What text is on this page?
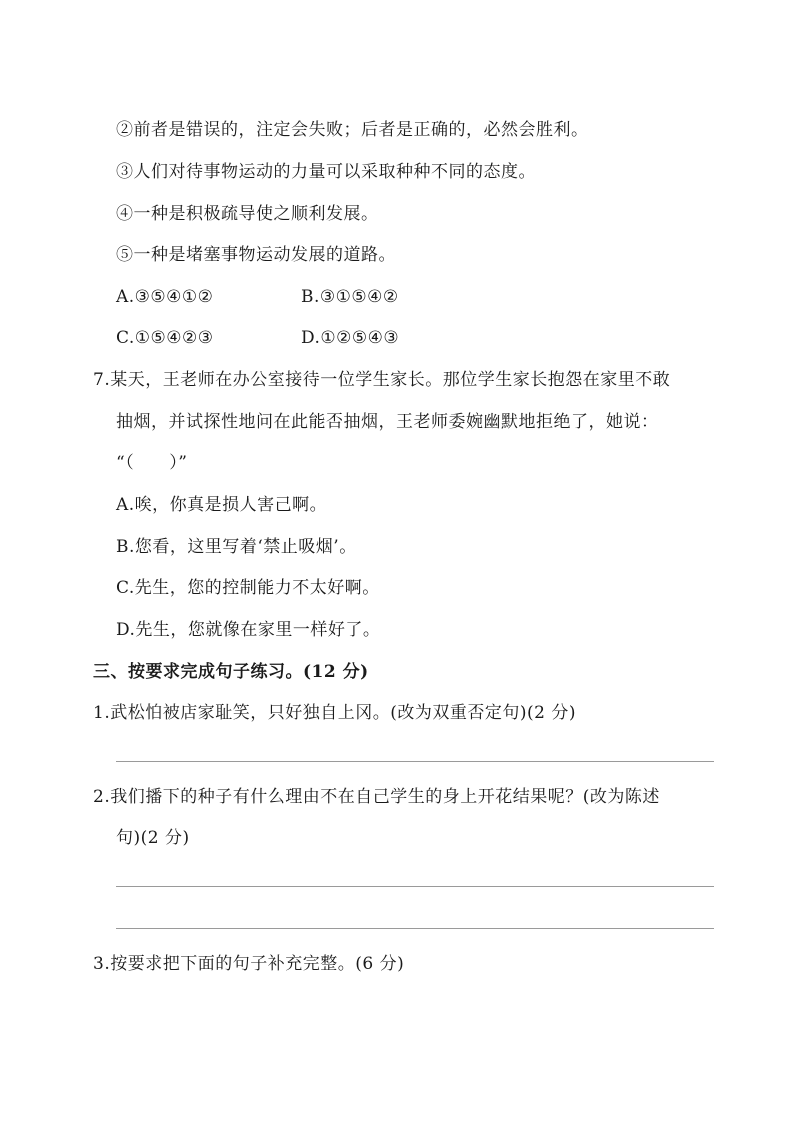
②前者是错误的，注定会失败；后者是正确的，必然会胜利。
③人们对待事物运动的力量可以采取种种不同的态度。
④一种是积极疏导使之顺利发展。
⑤一种是堵塞事物运动发展的道路。
A.③⑤④①②	B.③①⑤④②
C.①⑤④②③	D.①②⑤④③
7.某天，王老师在办公室接待一位学生家长。那位学生家长抱怨在家里不敢
抽烟，并试探性地问在此能否抽烟，王老师委婉幽默地拒绝了，她说：
“（　　）”
A.唉，你真是损人害己啊。
B.您看，这里写着‘禁止吸烟’。
C.先生，您的控制能力不太好啊。
D.先生，您就像在家里一样好了。
三、按要求完成句子练习。(12 分)
1.武松怕被店家耻笑，只好独自上冈。(改为双重否定句)(2 分)
2.我们播下的种子有什么理由不在自己学生的身上开花结果呢？(改为陈述
句)(2 分)
3.按要求把下面的句子补充完整。(6 分)
